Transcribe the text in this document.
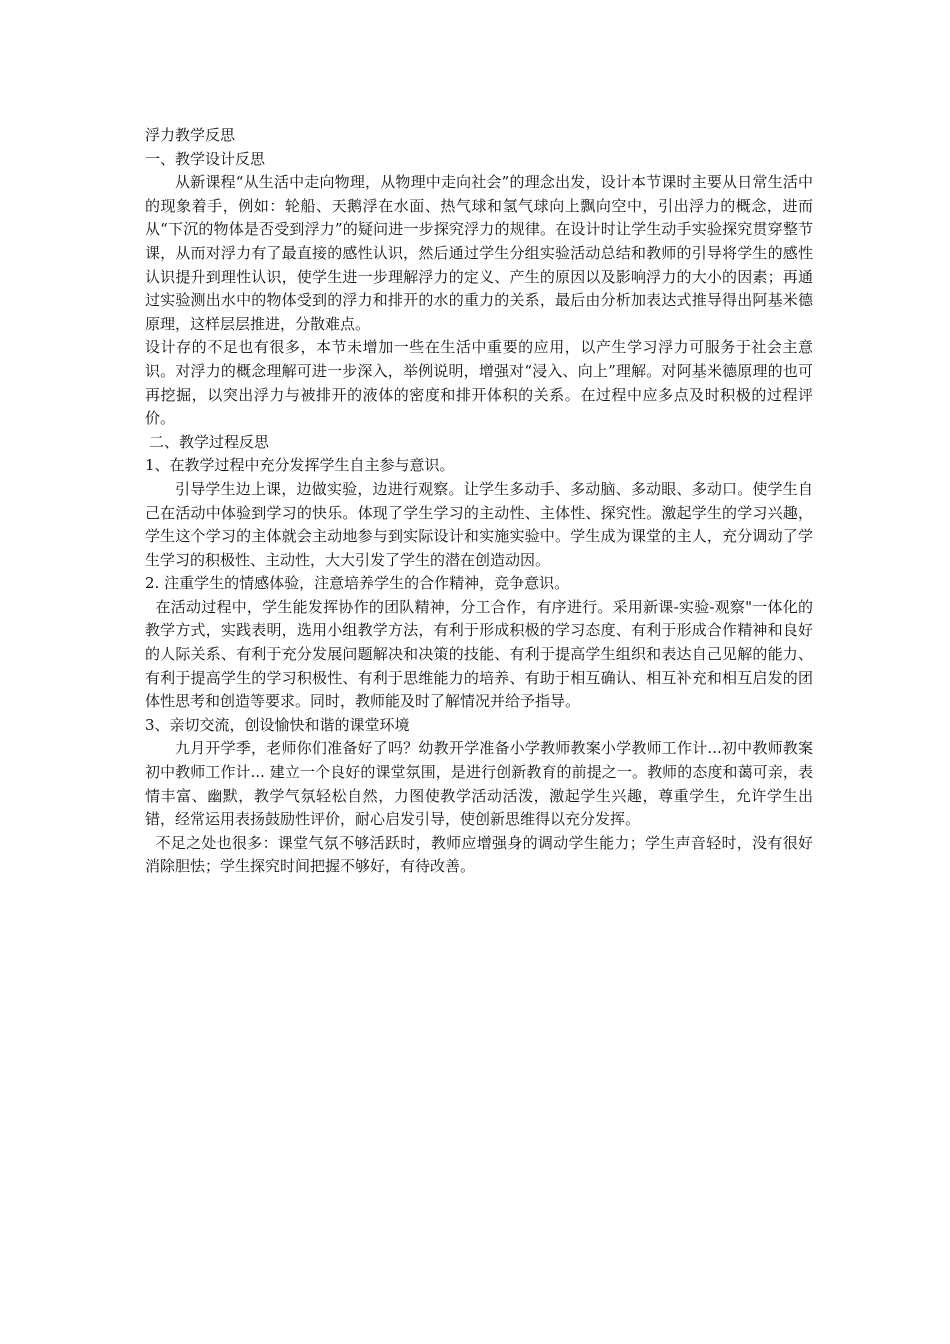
浮力教学反思

一、教学设计反思

从新课程“从生活中走向物理，从物理中走向社会”的理念出发，设计本节课时主要从日常生活中的现象着手，例如：轮船、天鹅浮在水面、热气球和氢气球向上飘向空中，引出浮力的概念，进而从“下沉的物体是否受到浮力”的疑问进一步探究浮力的规律。在设计时让学生动手实验探究贯穿整节课，从而对浮力有了最直接的感性认识，然后通过学生分组实验活动总结和教师的引导将学生的感性认识提升到理性认识，使学生进一步理解浮力的定义、产生的原因以及影响浮力的大小的因素；再通过实验测出水中的物体受到的浮力和排开的水的重力的关系，最后由分析加表达式推导得出阿基米德原理，这样层层推进，分散难点。

设计存的不足也有很多，本节未增加一些在生活中重要的应用，以产生学习浮力可服务于社会主意识。对浮力的概念理解可进一步深入，举例说明，增强对“浸入、向上”理解。对阿基米德原理的也可再挖掘，以突出浮力与被排开的液体的密度和排开体积的关系。在过程中应多点及时积极的过程评价。

二、教学过程反思

1、在教学过程中充分发挥学生自主参与意识。

引导学生边上课，边做实验，边进行观察。让学生多动手、多动脑、多动眼、多动口。使学生自己在活动中体验到学习的快乐。体现了学生学习的主动性、主体性、探究性。激起学生的学习兴趣，学生这个学习的主体就会主动地参与到实际设计和实施实验中。学生成为课堂的主人，充分调动了学生学习的积极性、主动性，大大引发了学生的潜在创造动因。

2. 注重学生的情感体验，注意培养学生的合作精神，竞争意识。

在活动过程中，学生能发挥协作的团队精神，分工合作，有序进行。采用新课-实验-观察"一体化的教学方式，实践表明，选用小组教学方法，有利于形成积极的学习态度、有利于形成合作精神和良好的人际关系、有利于充分发展问题解决和决策的技能、有利于提高学生组织和表达自己见解的能力、有利于提高学生的学习积极性、有利于思维能力的培养、有助于相互确认、相互补充和相互启发的团体性思考和创造等要求。同时，教师能及时了解情况并给予指导。

3、亲切交流，创设愉快和谐的课堂环境

九月开学季，老师你们准备好了吗？幼教开学准备小学教师教案小学教师工作计...初中教师教案初中教师工作计... 建立一个良好的课堂氛围，是进行创新教育的前提之一。教师的态度和蔼可亲，表情丰富、幽默，教学气氛轻松自然，力图使教学活动活泼，激起学生兴趣，尊重学生，允许学生出错，经常运用表扬鼓励性评价，耐心启发引导，使创新思维得以充分发挥。

不足之处也很多：课堂气氛不够活跃时，教师应增强身的调动学生能力；学生声音轻时，没有很好消除胆怯；学生探究时间把握不够好，有待改善。
